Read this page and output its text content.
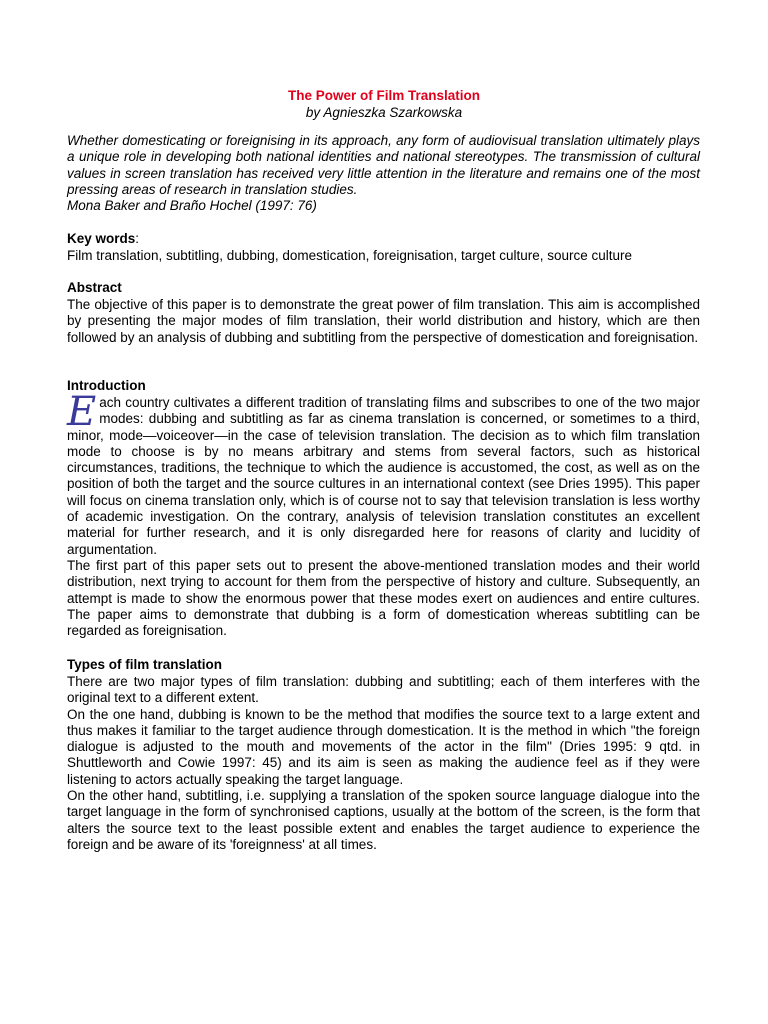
The Power of Film Translation
by Agnieszka Szarkowska

Whether domesticating or foreignising in its approach, any form of audiovisual translation ultimately plays a unique role in developing both national identities and national stereotypes. The transmission of cultural values in screen translation has received very little attention in the literature and remains one of the most pressing areas of research in translation studies.

Mona Baker and Braño Hochel (1997: 76)

Key words:
Film translation, subtitling, dubbing, domestication, foreignisation, target culture, source culture
Abstract

The objective of this paper is to demonstrate the great power of film translation. This aim is accomplished by presenting the major modes of film translation, their world distribution and history, which are then followed by an analysis of dubbing and subtitling from the perspective of domestication and foreignisation.

Introduction

Each country cultivates a different tradition of translating films and subscribes to one of the two major modes: dubbing and subtitling as far as cinema translation is concerned, or sometimes to a third, minor, mode—voiceover—in the case of television translation. The decision as to which film translation mode to choose is by no means arbitrary and stems from several factors, such as historical circumstances, traditions, the technique to which the audience is accustomed, the cost, as well as on the position of both the target and the source cultures in an international context (see Dries 1995). This paper will focus on cinema translation only, which is of course not to say that television translation is less worthy of academic investigation. On the contrary, analysis of television translation constitutes an excellent material for further research, and it is only disregarded here for reasons of clarity and lucidity of argumentation.

The first part of this paper sets out to present the above-mentioned translation modes and their world distribution, next trying to account for them from the perspective of history and culture. Subsequently, an attempt is made to show the enormous power that these modes exert on audiences and entire cultures. The paper aims to demonstrate that dubbing is a form of domestication whereas subtitling can be regarded as foreignisation.

Types of film translation

There are two major types of film translation: dubbing and subtitling; each of them interferes with the original text to a different extent.

On the one hand, dubbing is known to be the method that modifies the source text to a large extent and thus makes it familiar to the target audience through domestication. It is the method in which "the foreign dialogue is adjusted to the mouth and movements of the actor in the film" (Dries 1995: 9 qtd. in Shuttleworth and Cowie 1997: 45) and its aim is seen as making the audience feel as if they were listening to actors actually speaking the target language.

On the other hand, subtitling, i.e. supplying a translation of the spoken source language dialogue into the target language in the form of synchronised captions, usually at the bottom of the screen, is the form that alters the source text to the least possible extent and enables the target audience to experience the foreign and be aware of its 'foreignness' at all times.
